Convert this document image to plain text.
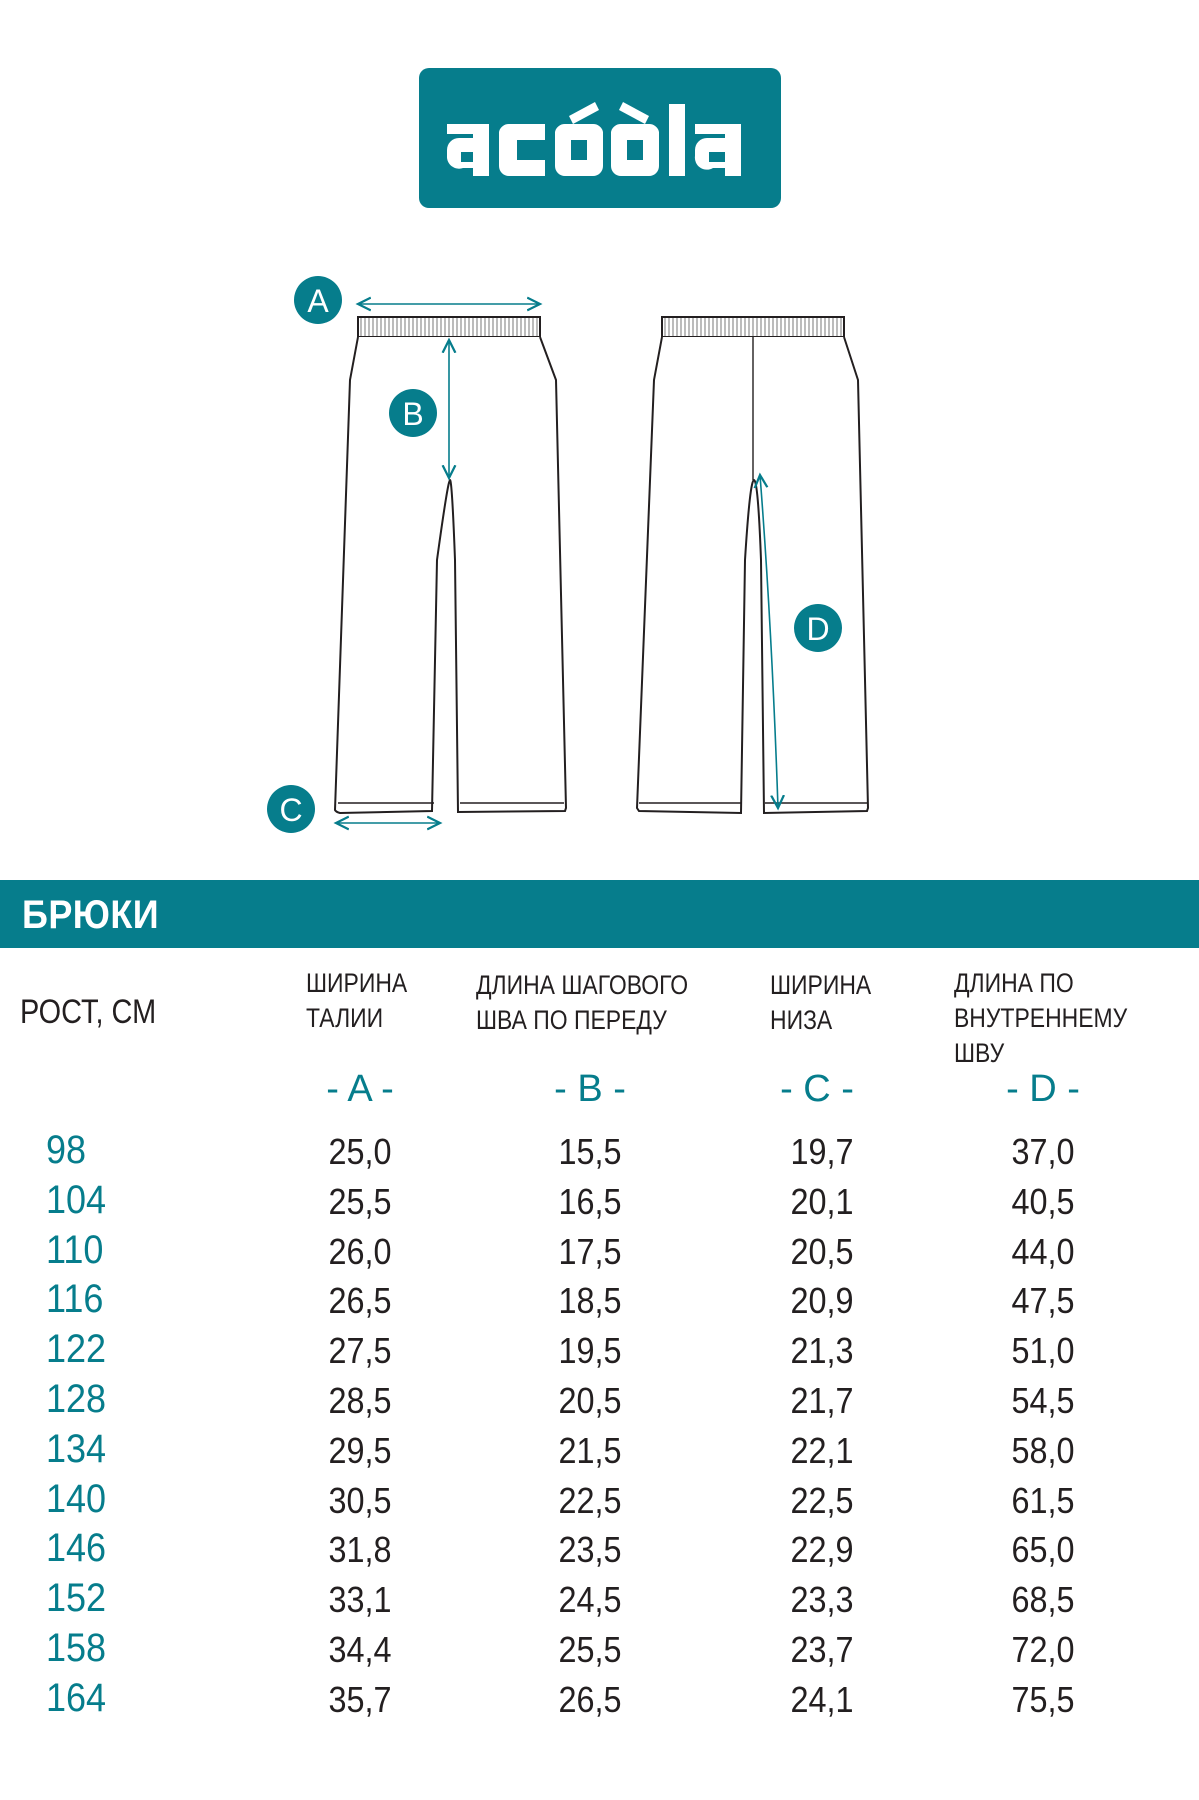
A
B
C
D
БРЮКИ
РОСТ, СМ
ШИРИНА
ТАЛИИ
ДЛИНА ШАГОВОГО
ШВА ПО ПЕРЕДУ
ШИРИНА
НИЗА
ДЛИНА ПО
ВНУТРЕННЕМУ ШВУ
- A -	- B -	- C -	- D -
98	25,0	15,5	19,7	37,0
104	25,5	16,5	20,1	40,5
110	26,0	17,5	20,5	44,0
116	26,5	18,5	20,9	47,5
122	27,5	19,5	21,3	51,0
128	28,5	20,5	21,7	54,5
134	29,5	21,5	22,1	58,0
140	30,5	22,5	22,5	61,5
146	31,8	23,5	22,9	65,0
152	33,1	24,5	23,3	68,5
158	34,4	25,5	23,7	72,0
164	35,7	26,5	24,1	75,5
